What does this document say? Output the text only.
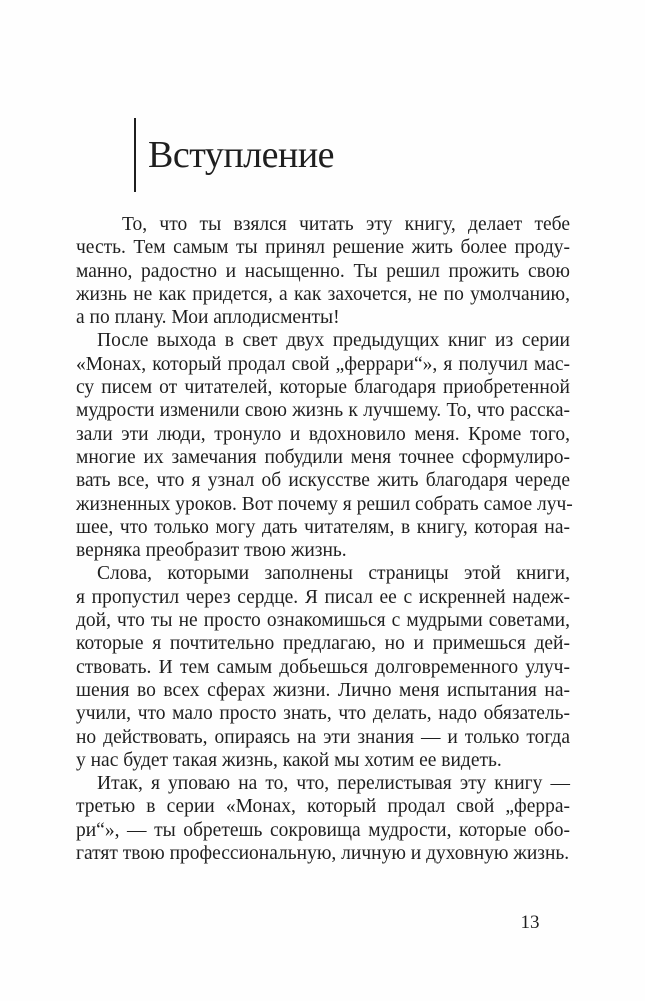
Вступление
То, что ты взялся читать эту книгу, делает тебе
честь. Тем самым ты принял решение жить более проду-
манно, радостно и насыщенно. Ты решил прожить свою
жизнь не как придется, а как захочется, не по умолчанию,
а по плану. Мои аплодисменты!
После выхода в свет двух предыдущих книг из серии
«Монах, который продал свой „феррари“», я получил мас-
су писем от читателей, которые благодаря приобретенной
мудрости изменили свою жизнь к лучшему. То, что расска-
зали эти люди, тронуло и вдохновило меня. Кроме того,
многие их замечания побудили меня точнее сформулиро-
вать все, что я узнал об искусстве жить благодаря череде
жизненных уроков. Вот почему я решил собрать самое луч-
шее, что только могу дать читателям, в книгу, которая на-
верняка преобразит твою жизнь.
Слова, которыми заполнены страницы этой книги,
я пропустил через сердце. Я писал ее с искренней надеж-
дой, что ты не просто ознакомишься с мудрыми советами,
которые я почтительно предлагаю, но и примешься дей-
ствовать. И тем самым добьешься долговременного улуч-
шения во всех сферах жизни. Лично меня испытания на-
учили, что мало просто знать, что делать, надо обязатель-
но действовать, опираясь на эти знания — и только тогда
у нас будет такая жизнь, какой мы хотим ее видеть.
Итак, я уповаю на то, что, перелистывая эту книгу —
третью в серии «Монах, который продал свой „ферра-
ри“», — ты обретешь сокровища мудрости, которые обо-
гатят твою профессиональную, личную и духовную жизнь.
13
